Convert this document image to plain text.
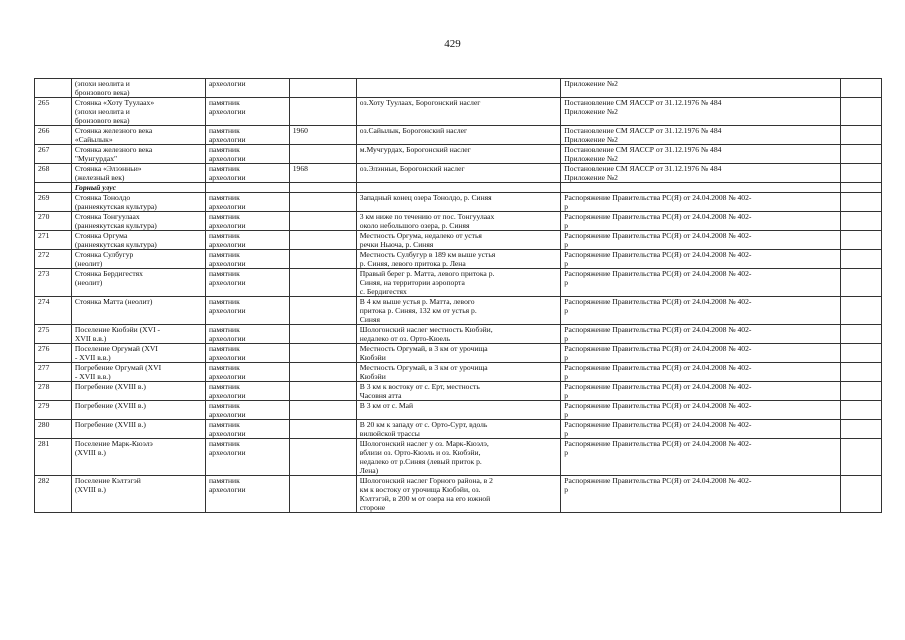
429
	(эпохи неолита и
бронзового века)	археологии			Приложение №2	
265	Стоянка «Хоту Туулаах»
(эпохи неолита и
бронзового века)	памятник
археологии		оз.Хоту Туулаах, Борогонский наслег	Постановление СМ ЯАССР от 31.12.1976 № 484
Приложение №2	
266	Стоянка железного века
«Сайылык»	памятник
археологии	1960	оз.Сайылык, Борогонский наслег	Постановление СМ ЯАССР от 31.12.1976 № 484
Приложение №2	
267	Стоянка железного века
"Мунгурдах"	памятник
археологии		м.Мучгурдах, Борогонский наслег	Постановление СМ ЯАССР от 31.12.1976 № 484
Приложение №2	
268	Стоянка «Элээнньи»
(железный век)	памятник
археологии	1968	оз.Элэнньи, Борогонский наслег	Постановление СМ ЯАССР от 31.12.1976 № 484
Приложение №2	
	Горный улус					
269	Стоянка Тонолдо
(раннеякутская культура)	памятник
археологии		Западный конец озера Тонолдо, р. Синяя	Распоряжение Правительства РС(Я) от 24.04.2008 № 402-
р	
270	Стоянка Тонгуулаах
(раннеякутская культура)	памятник
археологии		3 км ниже по течению от пос. Тонгуулаах
около небольшого озера, р. Синяя	Распоряжение Правительства РС(Я) от 24.04.2008 № 402-
р	
271	Стоянка Оргума
(раннеякутская культура)	памятник
археологии		Местность Оргума, недалеко от устья
речки Ньюча, р. Синяя	Распоряжение Правительства РС(Я) от 24.04.2008 № 402-
р	
272	Стоянка Сулбугур
(неолит)	памятник
археологии		Местность Сулбугур в 189 км выше устья
р. Синяя, левого притока р. Лена	Распоряжение Правительства РС(Я) от 24.04.2008 № 402-
р	
273	Стоянка Бердигестях
(неолит)	памятник
археологии		Правый берег р. Матта, левого притока р.
Синяя, на территории аэропорта
с. Бердигестях	Распоряжение Правительства РС(Я) от 24.04.2008 № 402-
р	
274	Стоянка Матта (неолит)	памятник
археологии		В 4 км выше устья р. Матта, левого
притока р. Синяя, 132 км от устья р.
Синяя	Распоряжение Правительства РС(Я) от 24.04.2008 № 402-
р	
275	Поселение Кюбэйи (XVI -
XVII в.в.)	памятник
археологии		Шологонский наслег местность Кюбэйи,
недалеко от оз. Орто-Кюель	Распоряжение Правительства РС(Я) от 24.04.2008 № 402-
р	
276	Поселение Оргумай (XVI
- XVII в.в.)	памятник
археологии		Местность Оргумай, в 3 км от урочища
Кюбэйи	Распоряжение Правительства РС(Я) от 24.04.2008 № 402-
р	
277	Погребение Оргумай (XVI
- XVII в.в.)	памятник
археологии		Местность Оргумай, в 3 км от урочища
Кюбэйи	Распоряжение Правительства РС(Я) от 24.04.2008 № 402-
р	
278	Погребение (XVIII в.)	памятник
археологии		В 3 км к востоку от с. Ерт, местность
Часовня атта	Распоряжение Правительства РС(Я) от 24.04.2008 № 402-
р	
279	Погребение (XVIII в.)	памятник
археологии		В 3 км от с. Май	Распоряжение Правительства РС(Я) от 24.04.2008 № 402-
р	
280	Погребение (XVIII в.)	памятник
археологии		В 20 км к западу от с. Орто-Сурт, вдоль
вилюйской трассы	Распоряжение Правительства РС(Я) от 24.04.2008 № 402-
р	
281	Поселение Марк-Кюэлэ
(XVIII в.)	памятник
археологии		Шологонский наслег у оз. Марк-Кюэлэ,
вблизи оз. Орто-Кюэль и оз. Кюбэйи,
недалеко от р.Синяя (левый приток р.
Лена)	Распоряжение Правительства РС(Я) от 24.04.2008 № 402-
р	
282	Поселение Кэлтэгэй
(XVIII в.)	памятник
археологии		Шологонский наслег Горного района, в 2
км к востоку от урочища Кюбэйи, оз.
Кэлтэгэй, в 200 м от озера на его южной
стороне	Распоряжение Правительства РС(Я) от 24.04.2008 № 402-
р	
